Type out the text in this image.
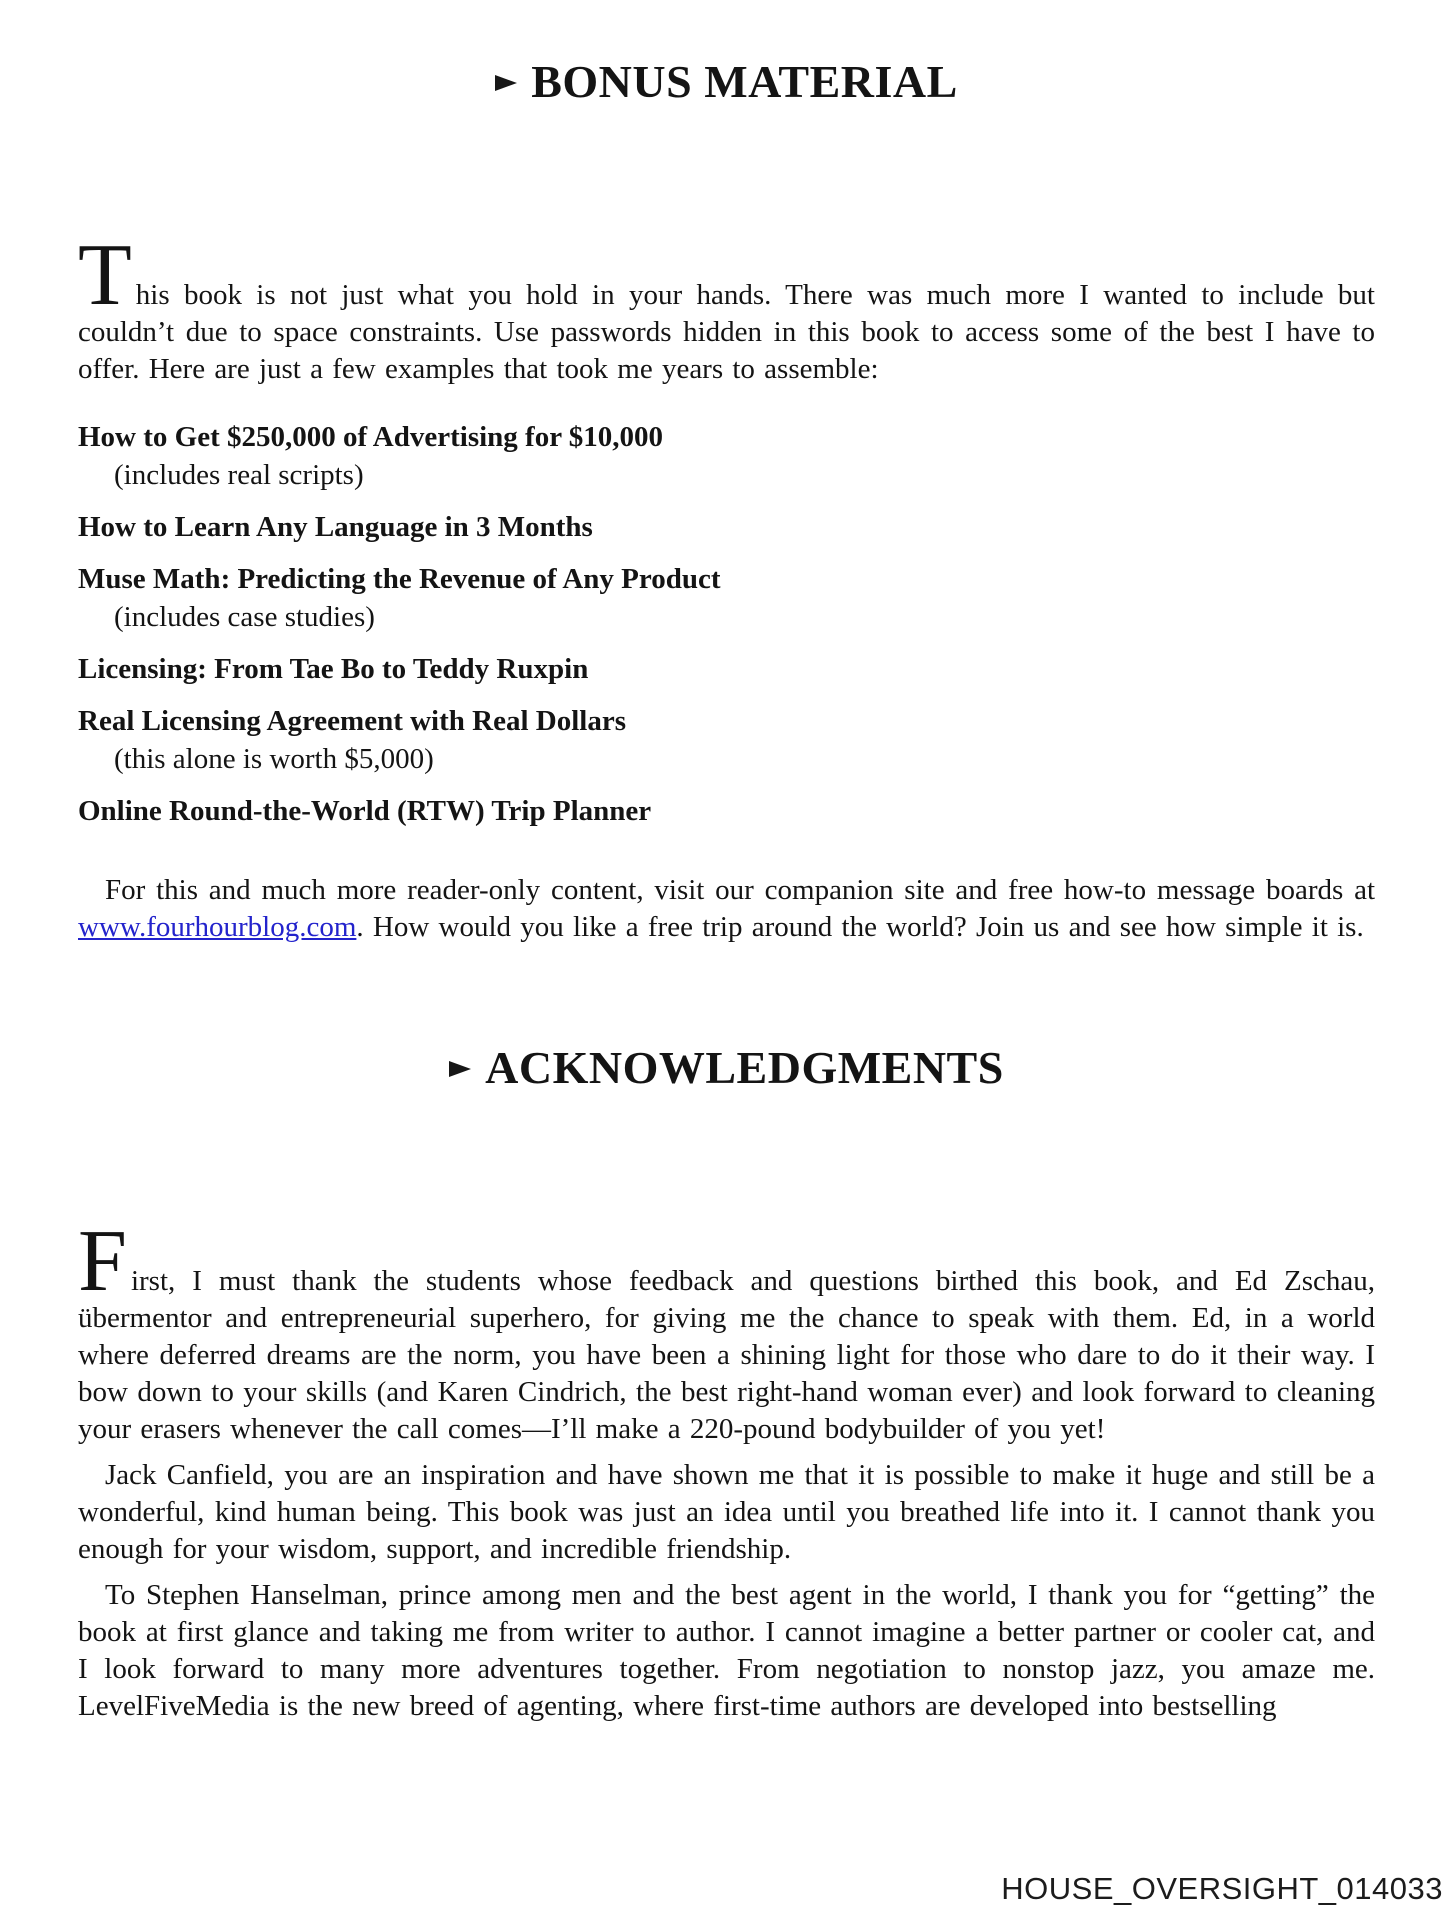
BONUS MATERIAL

This book is not just what you hold in your hands. There was much more I wanted to include but couldn’t due to space constraints. Use passwords hidden in this book to access some of the best I have to offer. Here are just a few examples that took me years to assemble:

How to Get $250,000 of Advertising for $10,000
(includes real scripts)
How to Learn Any Language in 3 Months
Muse Math: Predicting the Revenue of Any Product
(includes case studies)
Licensing: From Tae Bo to Teddy Ruxpin
Real Licensing Agreement with Real Dollars
(this alone is worth $5,000)
Online Round-the-World (RTW) Trip Planner

For this and much more reader-only content, visit our companion site and free how-to message boards at www.fourhourblog.com. How would you like a free trip around the world? Join us and see how simple it is.

ACKNOWLEDGMENTS

First, I must thank the students whose feedback and questions birthed this book, and Ed Zschau, übermentor and entrepreneurial superhero, for giving me the chance to speak with them. Ed, in a world where deferred dreams are the norm, you have been a shining light for those who dare to do it their way. I bow down to your skills (and Karen Cindrich, the best right-hand woman ever) and look forward to cleaning your erasers whenever the call comes—I’ll make a 220-pound bodybuilder of you yet!

Jack Canfield, you are an inspiration and have shown me that it is possible to make it huge and still be a wonderful, kind human being. This book was just an idea until you breathed life into it. I cannot thank you enough for your wisdom, support, and incredible friendship.

To Stephen Hanselman, prince among men and the best agent in the world, I thank you for “getting” the book at first glance and taking me from writer to author. I cannot imagine a better partner or cooler cat, and I look forward to many more adventures together. From negotiation to nonstop jazz, you amaze me. LevelFiveMedia is the new breed of agenting, where first-time authors are developed into bestselling

HOUSE_OVERSIGHT_014033
